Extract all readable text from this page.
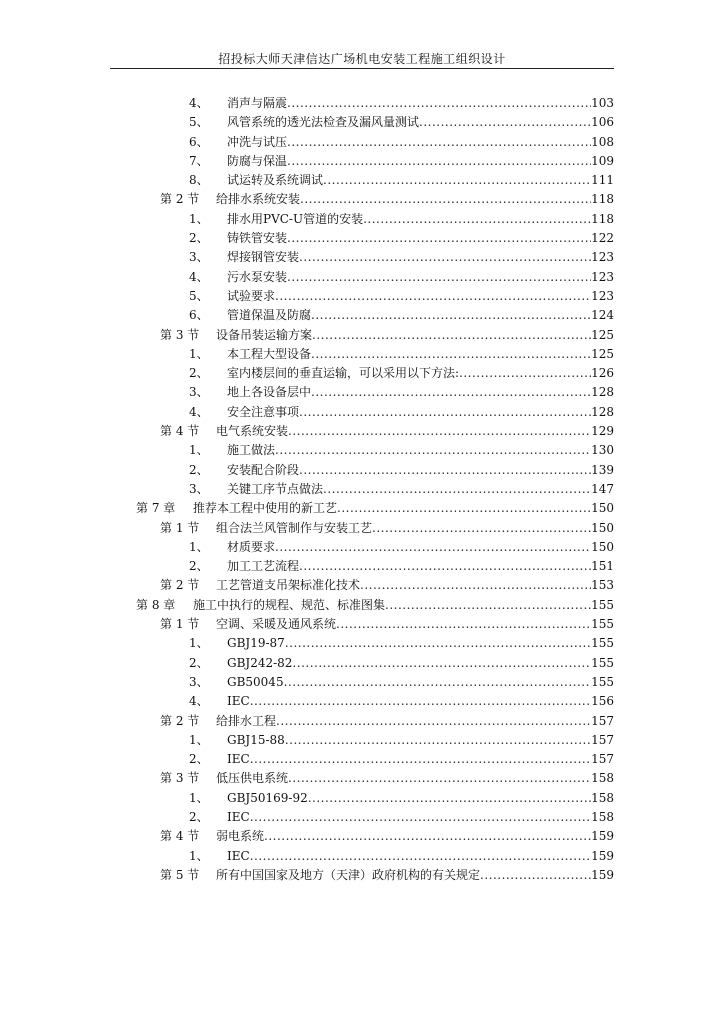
招投标大师天津信达广场机电安装工程施工组织设计
4、 消声与隔震 .....	103
5、 风管系统的透光法检查及漏风量测试 .....	106
6、 冲洗与试压 .....	108
7、 防腐与保温 .....	109
8、 试运转及系统调试 .....	111
第 2 节 给排水系统安装 .....	118
1、 排水用PVC-U管道的安装 .....	118
2、 铸铁管安装 .....	122
3、 焊接钢管安装 .....	123
4、 污水泵安装 .....	123
5、 试验要求 .....	123
6、 管道保温及防腐 .....	124
第 3 节 设备吊装运输方案 .....	125
1、 本工程大型设备 .....	125
2、 室内楼层间的垂直运输，可以采用以下方法: .....	126
3、 地上各设备层中 .....	128
4、 安全注意事项 .....	128
第 4 节 电气系统安装 .....	129
1、 施工做法 .....	130
2、 安装配合阶段 .....	139
3、 关键工序节点做法 .....	147
第 7 章 推荐本工程中使用的新工艺 .....	150
第 1 节 组合法兰风管制作与安装工艺 .....	150
1、 材质要求 .....	150
2、 加工工艺流程 .....	151
第 2 节 工艺管道支吊架标准化技术 .....	153
第 8 章 施工中执行的规程、规范、标准图集 .....	155
第 1 节 空调、采暖及通风系统 .....	155
1、 GBJ19-87 .....	155
2、 GBJ242-82 .....	155
3、 GB50045 .....	155
4、 IEC .....	156
第 2 节 给排水工程 .....	157
1、 GBJ15-88 .....	157
2、 IEC .....	157
第 3 节 低压供电系统 .....	158
1、 GBJ50169-92 .....	158
2、 IEC .....	158
第 4 节 弱电系统 .....	159
1、 IEC .....	159
第 5 节 所有中国国家及地方（天津）政府机构的有关规定 .....	159
